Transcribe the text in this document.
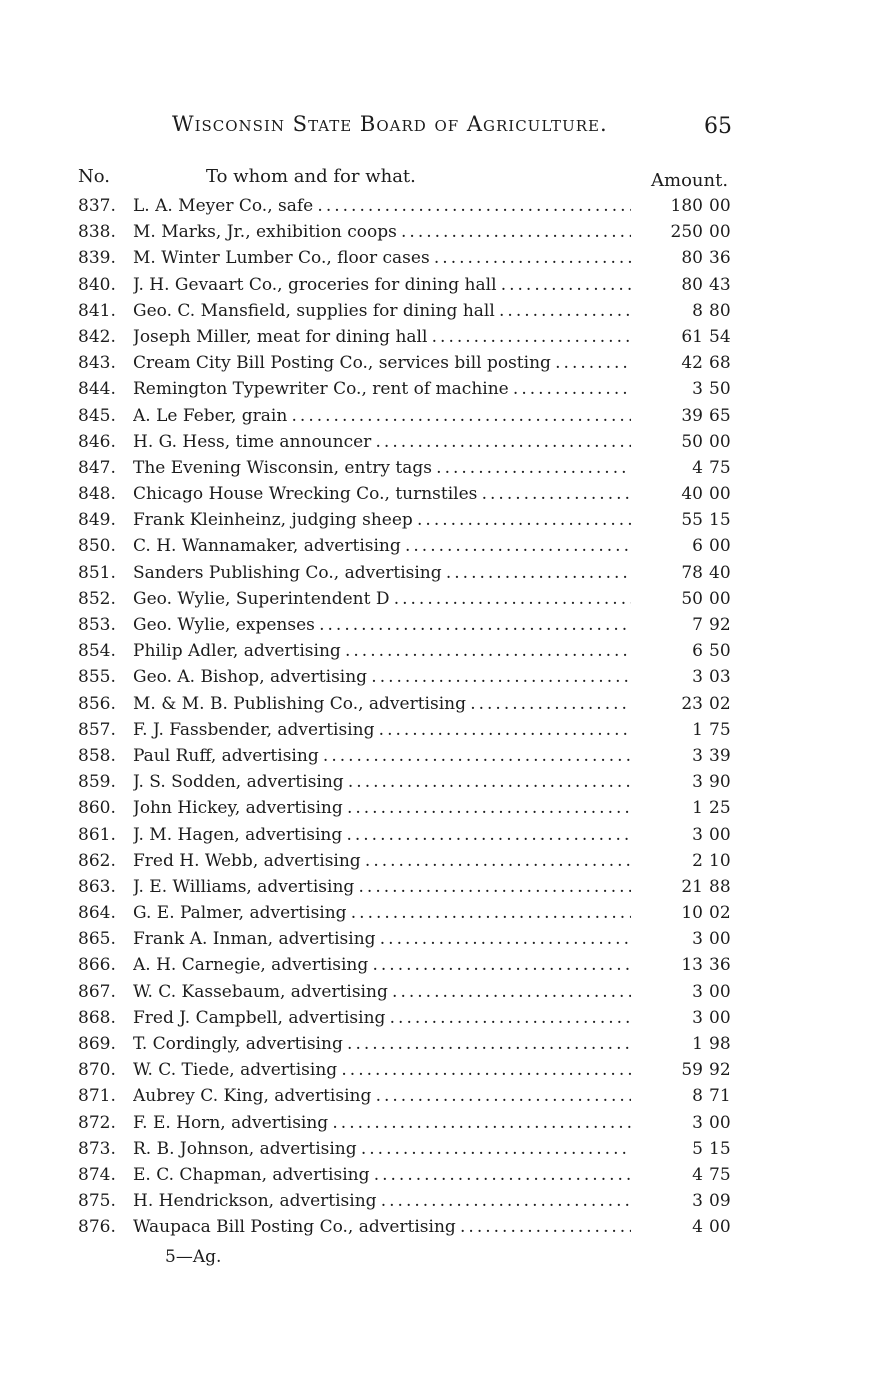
Wisconsin State Board of Agriculture.	65
No.	To whom and for what.	Amount.
837. L. A. Meyer Co., safe . . .	180 00
838. M. Marks, Jr., exhibition coops . . .	250 00
839. M. Winter Lumber Co., floor cases . . .	80 36
840. J. H. Gevaart Co., groceries for dining hall . . .	80 43
841. Geo. C. Mansfield, supplies for dining hall . . .	8 80
842. Joseph Miller, meat for dining hall . . .	61 54
843. Cream City Bill Posting Co., services bill posting . . .	42 68
844. Remington Typewriter Co., rent of machine . . .	3 50
845. A. Le Feber, grain . . .	39 65
846. H. G. Hess, time announcer . . .	50 00
847. The Evening Wisconsin, entry tags . . .	4 75
848. Chicago House Wrecking Co., turnstiles . . .	40 00
849. Frank Kleinheinz, judging sheep . . .	55 15
850. C. H. Wannamaker, advertising . . .	6 00
851. Sanders Publishing Co., advertising . . .	78 40
852. Geo. Wylie, Superintendent D . . .	50 00
853. Geo. Wylie, expenses . . .	7 92
854. Philip Adler, advertising . . .	6 50
855. Geo. A. Bishop, advertising . . .	3 03
856. M. & M. B. Publishing Co., advertising . . .	23 02
857. F. J. Fassbender, advertising . . .	1 75
858. Paul Ruff, advertising . . .	3 39
859. J. S. Sodden, advertising . . .	3 90
860. John Hickey, advertising . . .	1 25
861. J. M. Hagen, advertising . . .	3 00
862. Fred H. Webb, advertising . . .	2 10
863. J. E. Williams, advertising . . .	21 88
864. G. E. Palmer, advertising . . .	10 02
865. Frank A. Inman, advertising . . .	3 00
866. A. H. Carnegie, advertising . . .	13 36
867. W. C. Kassebaum, advertising . . .	3 00
868. Fred J. Campbell, advertising . . .	3 00
869. T. Cordingly, advertising . . .	1 98
870. W. C. Tiede, advertising . . .	59 92
871. Aubrey C. King, advertising . . .	8 71
872. F. E. Horn, advertising . . .	3 00
873. R. B. Johnson, advertising . . .	5 15
874. E. C. Chapman, advertising . . .	4 75
875. H. Hendrickson, advertising . . .	3 09
876. Waupaca Bill Posting Co., advertising . . .	4 00
5—Ag.
